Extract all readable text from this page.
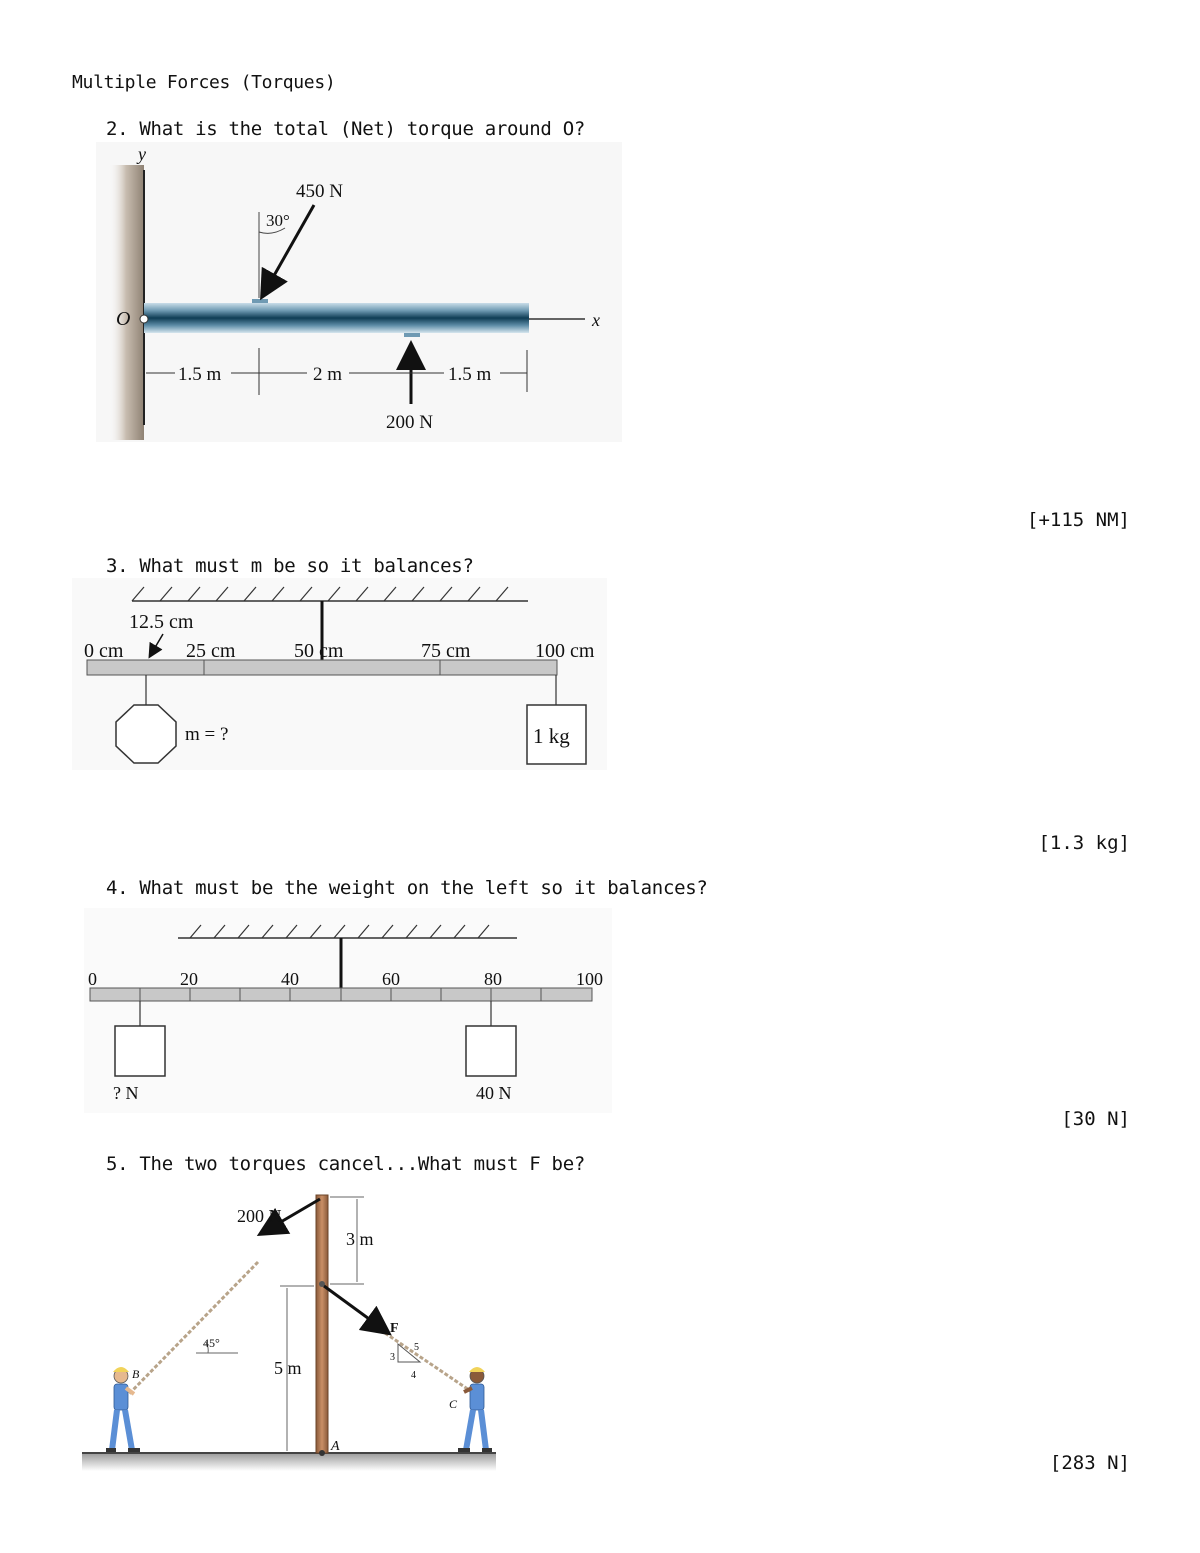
Multiple Forces (Torques)
2. What is the total (Net) torque around O?
y
x
O
30°
450 N
200 N
1.5 m	2 m	1.5 m
[+115 NM]
3. What must m be so it balances?
0 cm
12.5 cm
25 cm	50 cm	75 cm	100 cm
m = ?	1 kg
[1.3 kg]
4. What must be the weight on the left so it balances?
0	20	40	60	80	100
? N	40 N
[30 N]
5. The two torques cancel...What must F be?
A
200 N
F
3
4
5
3 m
5 m
45°
B
C
[283 N]
